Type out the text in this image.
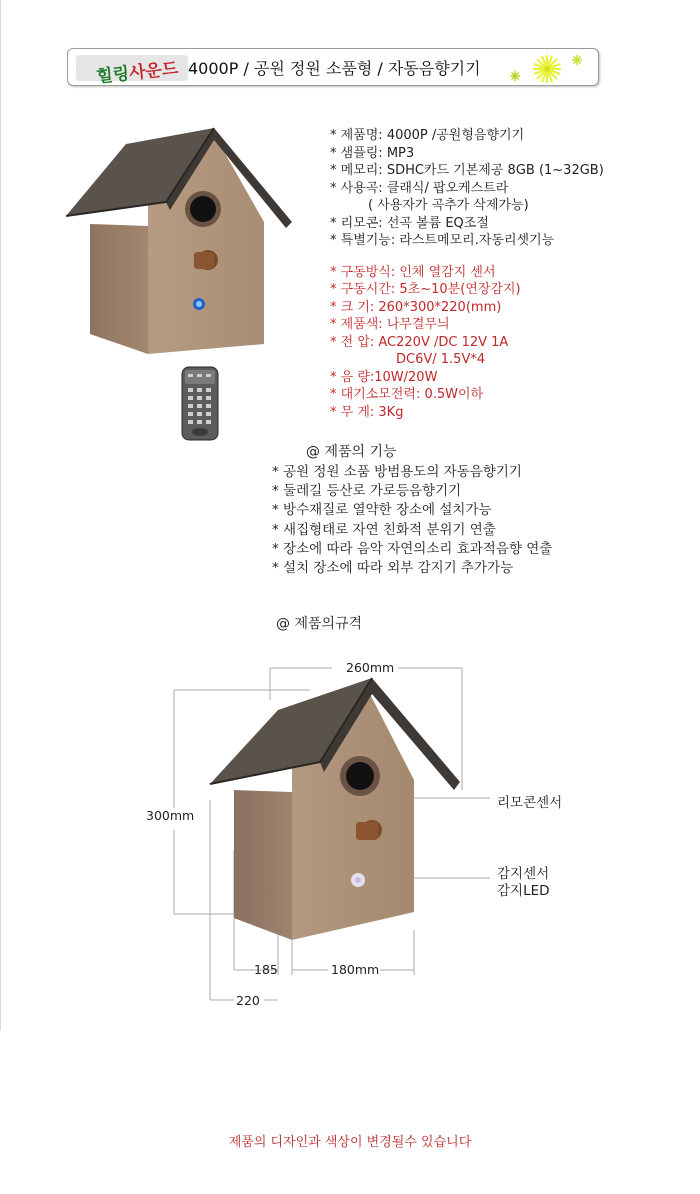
힐링사운드 4000P / 공원 정원 소품형 / 자동음향기기
* 제품명: 4000P /공원형음향기기
* 샘플링: MP3
* 메모리: SDHC카드 기본제공 8GB (1~32GB)
* 사용곡: 클래식/ 팝오케스트라
( 사용자가 곡추가 삭제가능)
* 리모콘: 선곡 볼륨 EQ조절
* 특별기능: 라스트메모리.자동리셋기능
* 구동방식: 인체 열감지 센서
* 구동시간: 5초~10분(연장감지)
* 크 기: 260*300*220(mm)
* 제품색: 나무결무늬
* 전 압: AC220V /DC 12V 1A
DC6V/ 1.5V*4
* 음 량:10W/20W
* 대기소모전력: 0.5W이하
* 무 게: 3Kg
@ 제품의 기능
* 공원 정원 소품 방범용도의 자동음향기기
* 둘레길 등산로 가로등음향기기
* 방수재질로 열약한 장소에 설치가능
* 새집형태로 자연 친화적 분위기 연출
* 장소에 따라 음악 자연의소리 효과적음향 연출
* 설치 장소에 따라 외부 감지기 추가가능
@ 제품의규격
260mm
300mm
185	180mm
220
리모콘센서
감지센서
감지LED
제품의 디자인과 색상이 변경될수 있습니다
